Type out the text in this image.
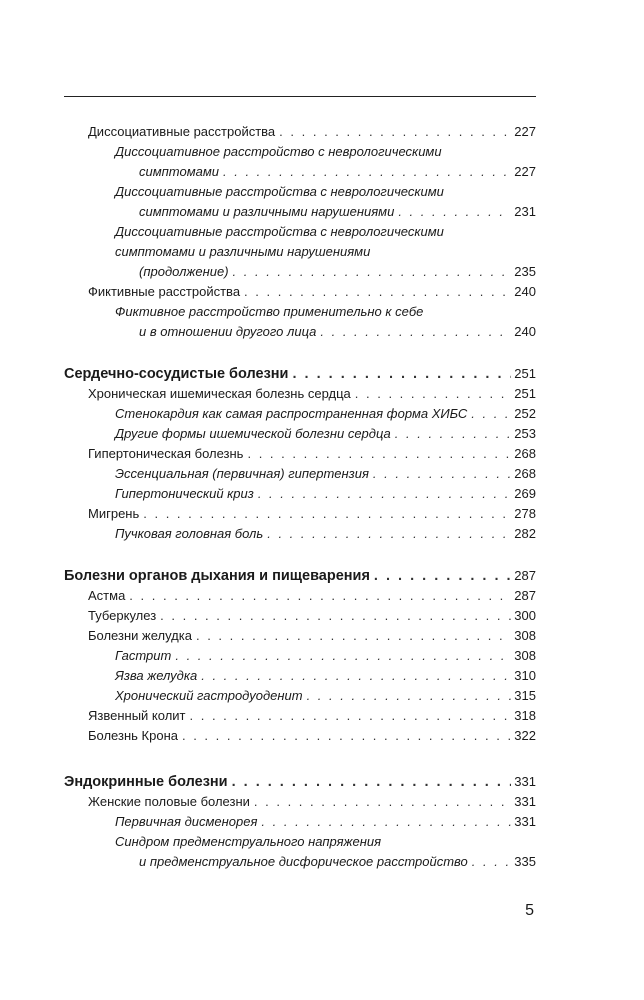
Диссоциативные расстройства . . .	227
Диссоциативное расстройство с неврологическими
симптомами . . .	227
Диссоциативные расстройства с неврологическими
симптомами и различными нарушениями . . .	231
Диссоциативные расстройства с неврологическими
симптомами и различными нарушениями
(продолжение) . . .	235
Фиктивные расстройства . . .	240
Фиктивное расстройство применительно к себе
и в отношении другого лица . . .	240
Сердечно-сосудистые болезни . . .	251
Хроническая ишемическая болезнь сердца . . .	251
Стенокардия как самая распространенная форма ХИБС . . .	252
Другие формы ишемической болезни сердца . . .	253
Гипертоническая болезнь . . .	268
Эссенциальная (первичная) гипертензия . . .	268
Гипертонический криз . . .	269
Мигрень . . .	278
Пучковая головная боль . . .	282
Болезни органов дыхания и пищеварения . . .	287
Астма . . .	287
Туберкулез . . .	300
Болезни желудка . . .	308
Гастрит . . .	308
Язва желудка . . .	310
Хронический гастродуоденит . . .	315
Язвенный колит . . .	318
Болезнь Крона . . .	322
Эндокринные болезни . . .	331
Женские половые болезни . . .	331
Первичная дисменорея . . .	331
Синдром предменструального напряжения
и предменструальное дисфорическое расстройство . . .	335
5
